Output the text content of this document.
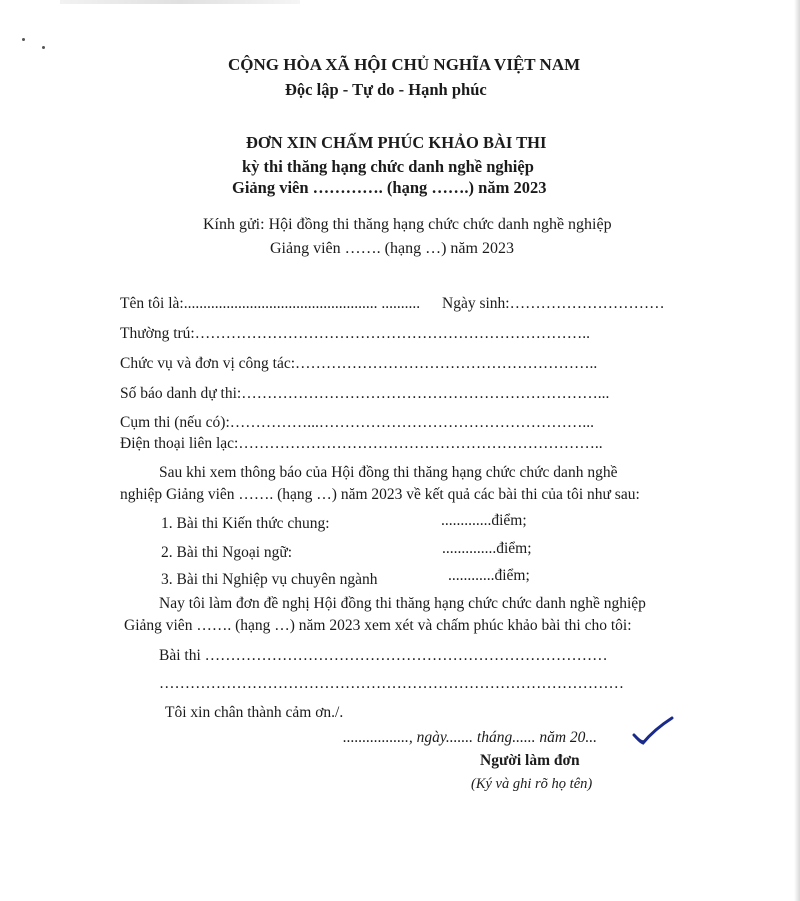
CỘNG HÒA XÃ HỘI CHỦ NGHĨA VIỆT NAM
Độc lập - Tự do - Hạnh phúc
ĐƠN XIN CHẤM PHÚC KHẢO BÀI THI
kỳ thi thăng hạng chức danh nghề nghiệp
Giảng viên …………. (hạng …….) năm 2023
Kính gửi: Hội đồng thi thăng hạng chức chức danh nghề nghiệp
Giảng viên ……. (hạng …) năm 2023
Tên tôi là:.................................................. .......... Ngày sinh:…………………………
Thường trú:…………………………………………………………………..
Chức vụ và đơn vị công tác:…………………………………………………..
Số báo danh dự thi:……………………………………………………………...
Cụm thi (nếu có):……………...……………………………………………...
Điện thoại liên lạc:……………………………………………………………..
Sau khi xem thông báo của Hội đồng thi thăng hạng chức chức danh nghề
nghiệp Giảng viên ……. (hạng …) năm 2023 về kết quả các bài thi của tôi như sau:
1. Bài thi Kiến thức chung:	.............điểm;
2. Bài thi Ngoại ngữ:	..............điểm;
3. Bài thi Nghiệp vụ chuyên ngành	............điểm;
Nay tôi làm đơn đề nghị Hội đồng thi thăng hạng chức chức danh nghề nghiệp
Giảng viên ……. (hạng …) năm 2023 xem xét và chấm phúc khảo bài thi cho tôi:
Bài thi ……………………………………………………………………
………………………………………………………………………………
Tôi xin chân thành cảm ơn./.
................., ngày....... tháng...... năm 20...
Người làm đơn
(Ký và ghi rõ họ tên)
